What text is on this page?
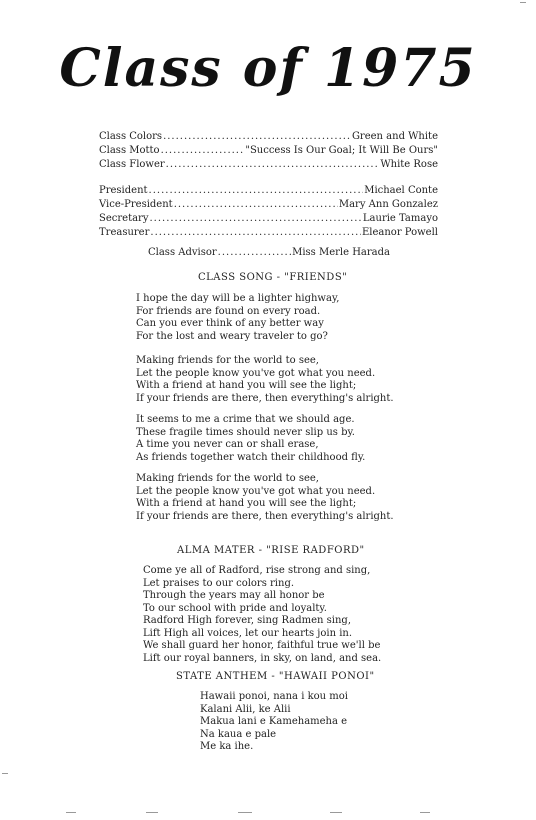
Class of 1975
Class Colors .....	Green and White
Class Motto .....	"Success Is Our Goal; It Will Be Ours"
Class Flower .....	White Rose
President .....	Michael Conte
Vice-President .....	Mary Ann Gonzalez
Secretary .....	Laurie Tamayo
Treasurer .....	Eleanor Powell
Class Advisor .....	Miss Merle Harada
CLASS SONG - "FRIENDS"
I hope the day will be a lighter highway,
For friends are found on every road.
Can you ever think of any better way
For the lost and weary traveler to go?
Making friends for the world to see,
Let the people know you've got what you need.
With a friend at hand you will see the light;
If your friends are there, then everything's alright.
It seems to me a crime that we should age.
These fragile times should never slip us by.
A time you never can or shall erase,
As friends together watch their childhood fly.
Making friends for the world to see,
Let the people know you've got what you need.
With a friend at hand you will see the light;
If your friends are there, then everything's alright.
ALMA MATER - "RISE RADFORD"
Come ye all of Radford, rise strong and sing,
Let praises to our colors ring.
Through the years may all honor be
To our school with pride and loyalty.
Radford High forever, sing Radmen sing,
Lift High all voices, let our hearts join in.
We shall guard her honor, faithful true we'll be
Lift our royal banners, in sky, on land, and sea.
STATE ANTHEM - "HAWAII PONOI"
Hawaii ponoi, nana i kou moi
Kalani Alii, ke Alii
Makua lani e Kamehameha e
Na kaua e pale
Me ka ihe.
